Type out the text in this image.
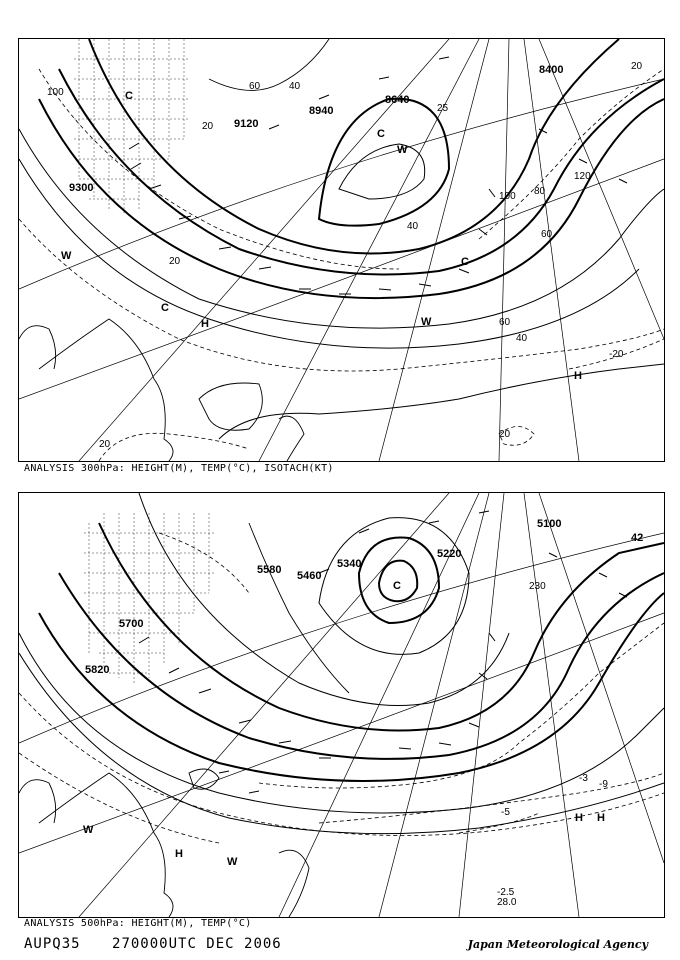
9300
9120
8940
8640
8400
100
60	40
20
120
80
60
40
20
100
60
40
25
-20
20
20
20
C
H
W
H
C
W
C
C
W
ANALYSIS 300hPa: HEIGHT(M), TEMP(°C), ISOTACH(KT)
5580 5460
5340
5220
5100
5700
5820
42
C
W
H
H
W
H
-3
-9
-5
230
-2.5
28.0
ANALYSIS 500hPa: HEIGHT(M), TEMP(°C)
AUPQ35 270000UTC DEC 2006	Japan Meteorological Agency
